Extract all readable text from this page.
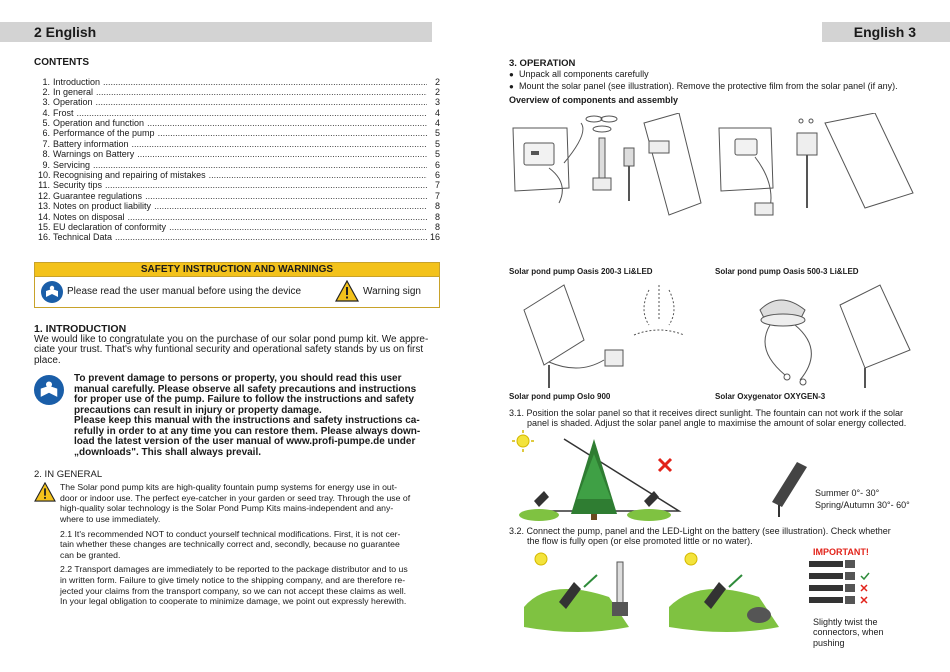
2 English	English 3
CONTENTS
1. Introduction .....	2
2. In general .....	2
3. Operation .....	3
4. Frost .....	4
5. Operation and function .....	4
6. Performance of the pump .....	5
7. Battery information .....	5
8. Warnings on Battery .....	5
9. Servicing .....	6
10. Recognising and repairing of mistakes .....	6
11. Security tips .....	7
12. Guarantee regulations .....	7
13. Notes on product liability .....	8
14. Notes on disposal .....	8
15. EU declaration of conformity .....	8
16. Technical Data .....	16
SAFETY INSTRUCTION AND WARNINGS
Please read the user manual before using the device	Warning sign
1. INTRODUCTION
We would like to congratulate you on the purchase of our solar pond pump kit. We appre-
ciate your trust. That's why funtional security and operational safety stands by us on first
place.
To prevent damage to persons or property, you should read this user
manual carefully. Please observe all safety precautions and instructions
for proper use of the pump. Failure to follow the instructions and safety
precautions can result in injury or property damage.
Please keep this manual with the instructions and safety instructions ca-
refully in order to at any time you can restore them. Please always down-
load the latest version of the user manual of www.profi-pumpe.de under
„downloads". This shall always prevail.
2. IN GENERAL
The Solar pond pump kits are high-quality fountain pump systems for energy use in out-
door or indoor use. The perfect eye-catcher in your garden or seed tray. Through the use of
high-quality solar technology is the Solar Pond Pump Kits mains-independent and any-
where to use immediately.
2.1 It's recommended NOT to conduct yourself technical modifications. First, it is not cer-
tain whether these changes are technically correct and, secondly, because no guarantee
can be granted.
2.2 Transport damages are immediately to be reported to the package distributor and to us
in written form. Failure to give timely notice to the shipping company, and are therefore re-
jected your claims from the transport company, so we can not accept these claims as well.
In your legal obligation to cooperate to minimize damage, we point out expressly herewith.
3. OPERATION
● Unpack all components carefully
● Mount the solar panel (see illustration). Remove the protective film from the solar panel (if any).
Overview of components and assembly
Solar pond pump Oasis 200-3 Li&LED	Solar pond pump Oasis 500-3 Li&LED
Solar pond pump Oslo 900	Solar Oxygenator OXYGEN-3
3.1. Position the solar panel so that it receives direct sunlight. The fountain can not work if the solar
panel is shaded. Adjust the solar panel angle to maximise the amount of solar energy collected.
Summer 0°- 30°
Spring/Autumn 30°- 60°
3.2. Connect the pump, panel and the LED-Light on the battery (see illustration). Check whether
the flow is fully open (or else promoted little or no water).
IMPORTANT!
Slightly twist the
connectors, when
pushing
